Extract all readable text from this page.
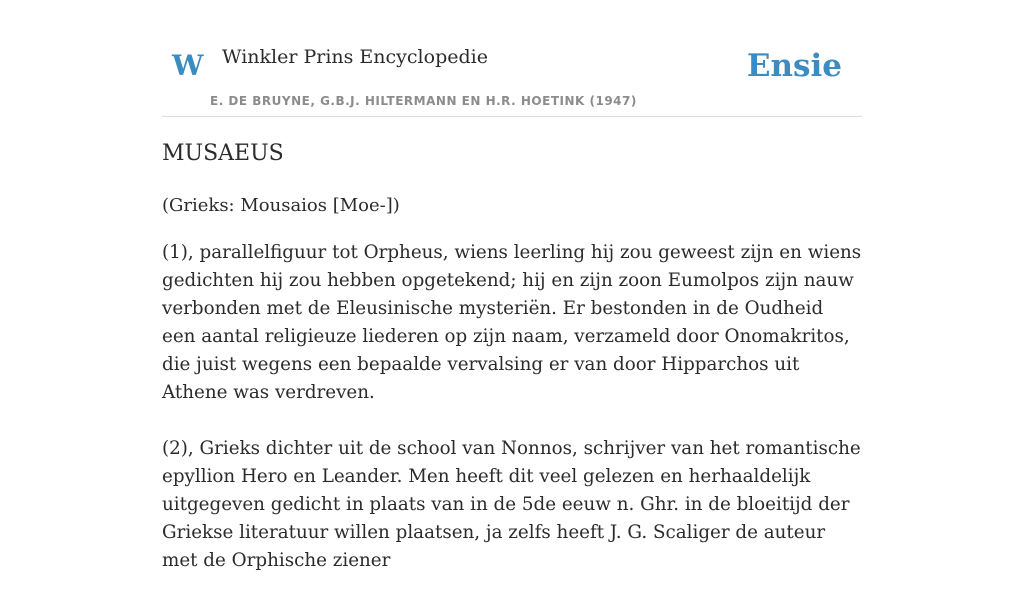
W Winkler Prins Encyclopedie
E. DE BRUYNE, G.B.J. HILTERMANN EN H.R. HOETINK (1947)
Ensie
MUSAEUS

(Grieks: Mousaios [Moe-])

(1), parallelfiguur tot Orpheus, wiens leerling hij zou geweest zijn en wiens gedichten hij zou hebben opgetekend; hij en zijn zoon Eumolpos zijn nauw verbonden met de Eleusinische mysteriën. Er bestonden in de Oudheid een aantal religieuze liederen op zijn naam, verzameld door Onomakritos, die juist wegens een bepaalde vervalsing er van door Hipparchos uit Athene was verdreven.

(2), Grieks dichter uit de school van Nonnos, schrijver van het romantische epyllion Hero en Leander. Men heeft dit veel gelezen en herhaaldelijk uitgegeven gedicht in plaats van in de 5de eeuw n. Ghr. in de bloeitijd der Griekse literatuur willen plaatsen, ja zelfs heeft J. G. Scaliger de auteur met de Orphische ziener
